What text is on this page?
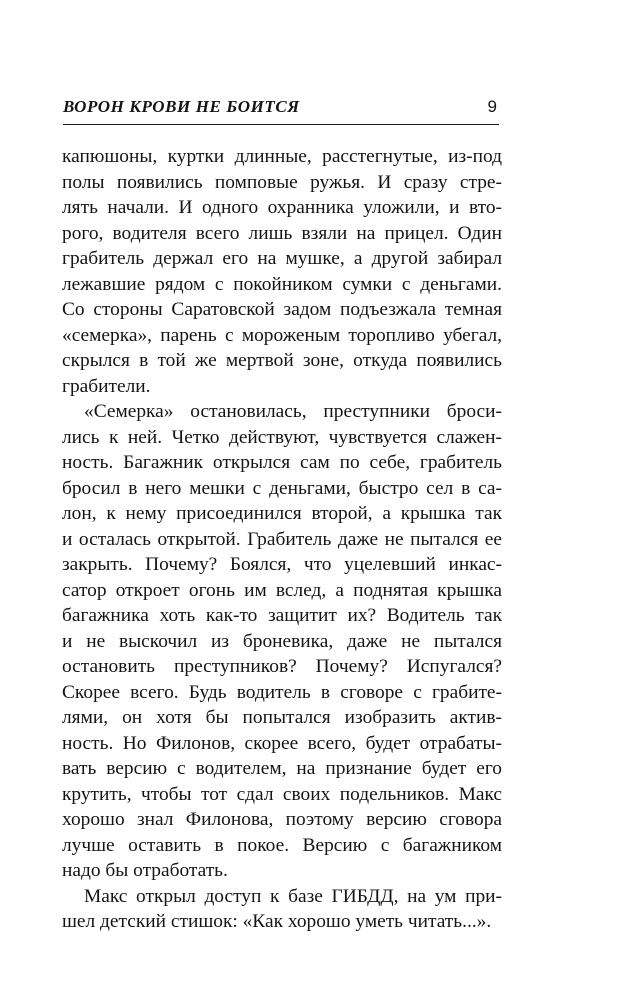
ВОРОН КРОВИ НЕ БОИТСЯ	9
капюшоны, куртки длинные, расстегнутые, из-под
полы появились помповые ружья. И сразу стре-
лять начали. И одного охранника уложили, и вто-
рого, водителя всего лишь взяли на прицел. Один
грабитель держал его на мушке, а другой забирал
лежавшие рядом с покойником сумки с деньгами.
Со стороны Саратовской задом подъезжала темная
«семерка», парень с мороженым торопливо убегал,
скрылся в той же мертвой зоне, откуда появились
грабители.
«Семерка» остановилась, преступники броси-
лись к ней. Четко действуют, чувствуется слажен-
ность. Багажник открылся сам по себе, грабитель
бросил в него мешки с деньгами, быстро сел в са-
лон, к нему присоединился второй, а крышка так
и осталась открытой. Грабитель даже не пытался ее
закрыть. Почему? Боялся, что уцелевший инкас-
сатор откроет огонь им вслед, а поднятая крышка
багажника хоть как-то защитит их? Водитель так
и не выскочил из броневика, даже не пытался
остановить преступников? Почему? Испугался?
Скорее всего. Будь водитель в сговоре с грабите-
лями, он хотя бы попытался изобразить актив-
ность. Но Филонов, скорее всего, будет отрабаты-
вать версию с водителем, на признание будет его
крутить, чтобы тот сдал своих подельников. Макс
хорошо знал Филонова, поэтому версию сговора
лучше оставить в покое. Версию с багажником
надо бы отработать.
Макс открыл доступ к базе ГИБДД, на ум при-
шел детский стишок: «Как хорошо уметь читать...».
